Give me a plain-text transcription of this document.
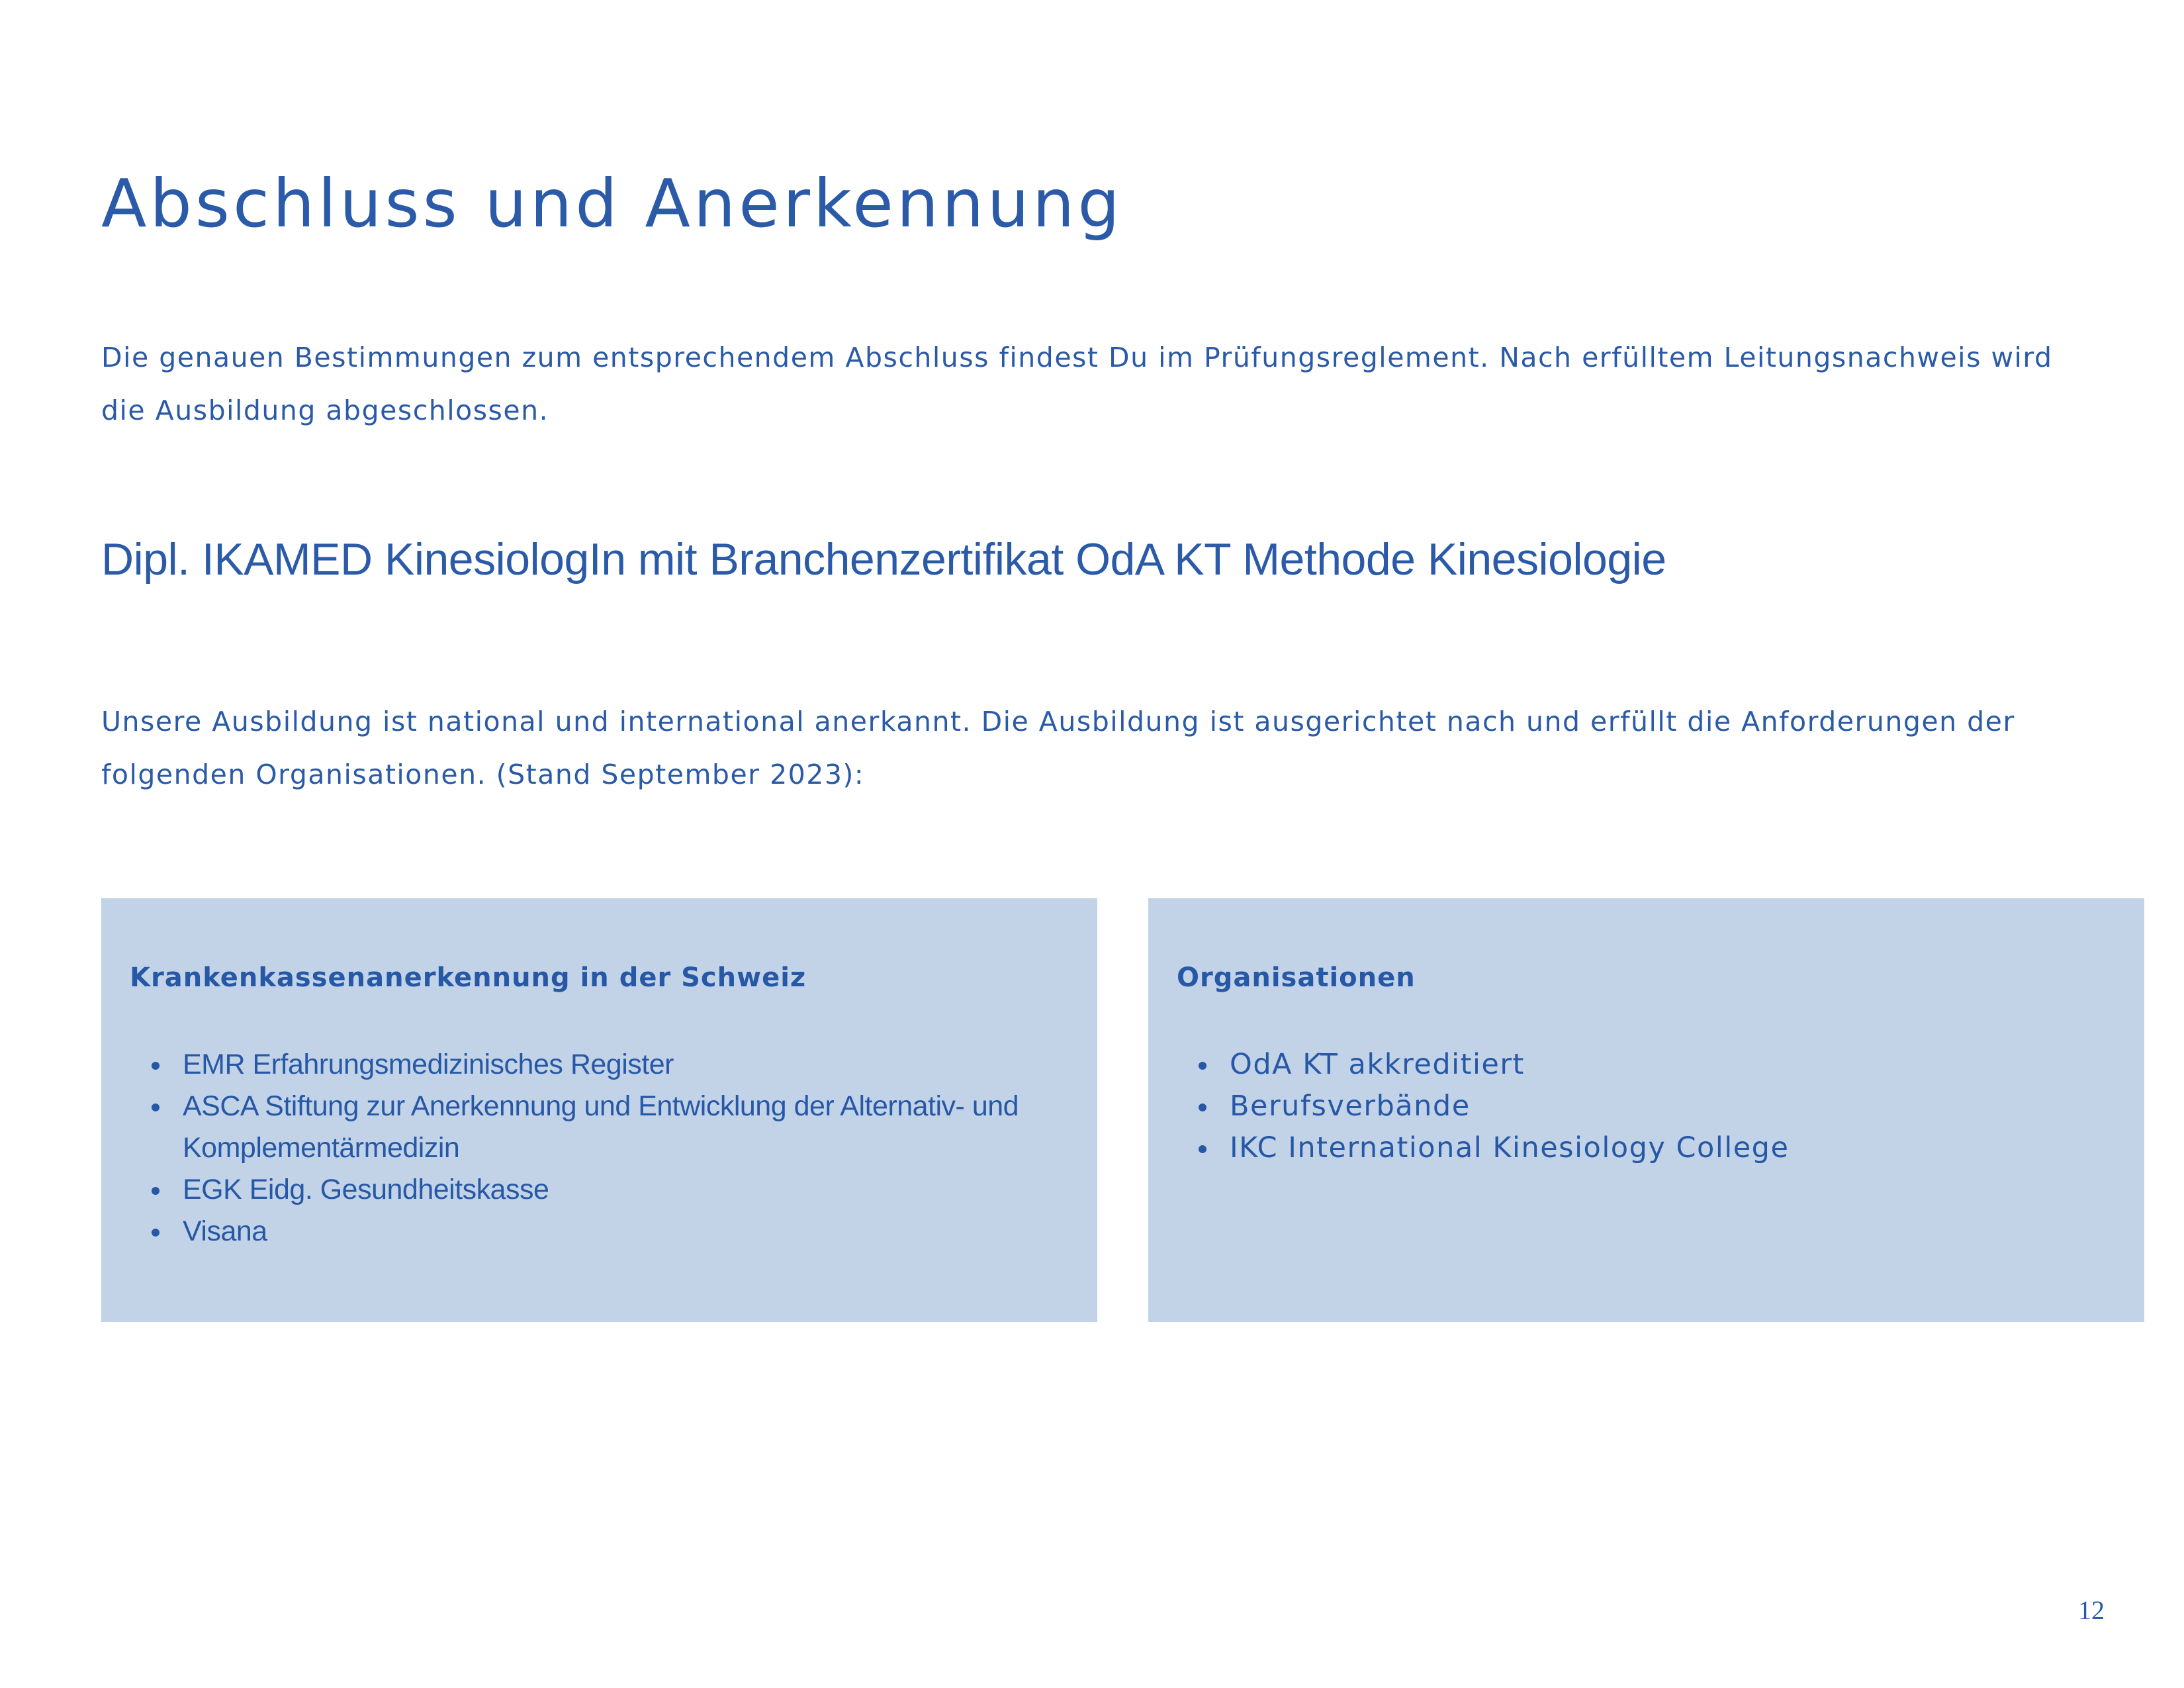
Abschluss und Anerkennung

Die genauen Bestimmungen zum entsprechendem Abschluss findest Du im Prüfungsreglement. Nach erfülltem Leitungsnachweis wird die Ausbildung abgeschlossen.

Dipl. IKAMED KinesiologIn mit Branchenzertifikat OdA KT Methode Kinesiologie

Unsere Ausbildung ist national und international anerkannt. Die Ausbildung ist ausgerichtet nach und erfüllt die Anforderungen der folgenden Organisationen. (Stand September 2023):

Krankenkassenanerkennung in der Schweiz
EMR Erfahrungsmedizinisches Register
ASCA Stiftung zur Anerkennung und Entwicklung der Alternativ- und Komplementärmedizin
EGK Eidg. Gesundheitskasse
Visana
Organisationen
OdA KT akkreditiert
Berufsverbände
IKC International Kinesiology College
12
